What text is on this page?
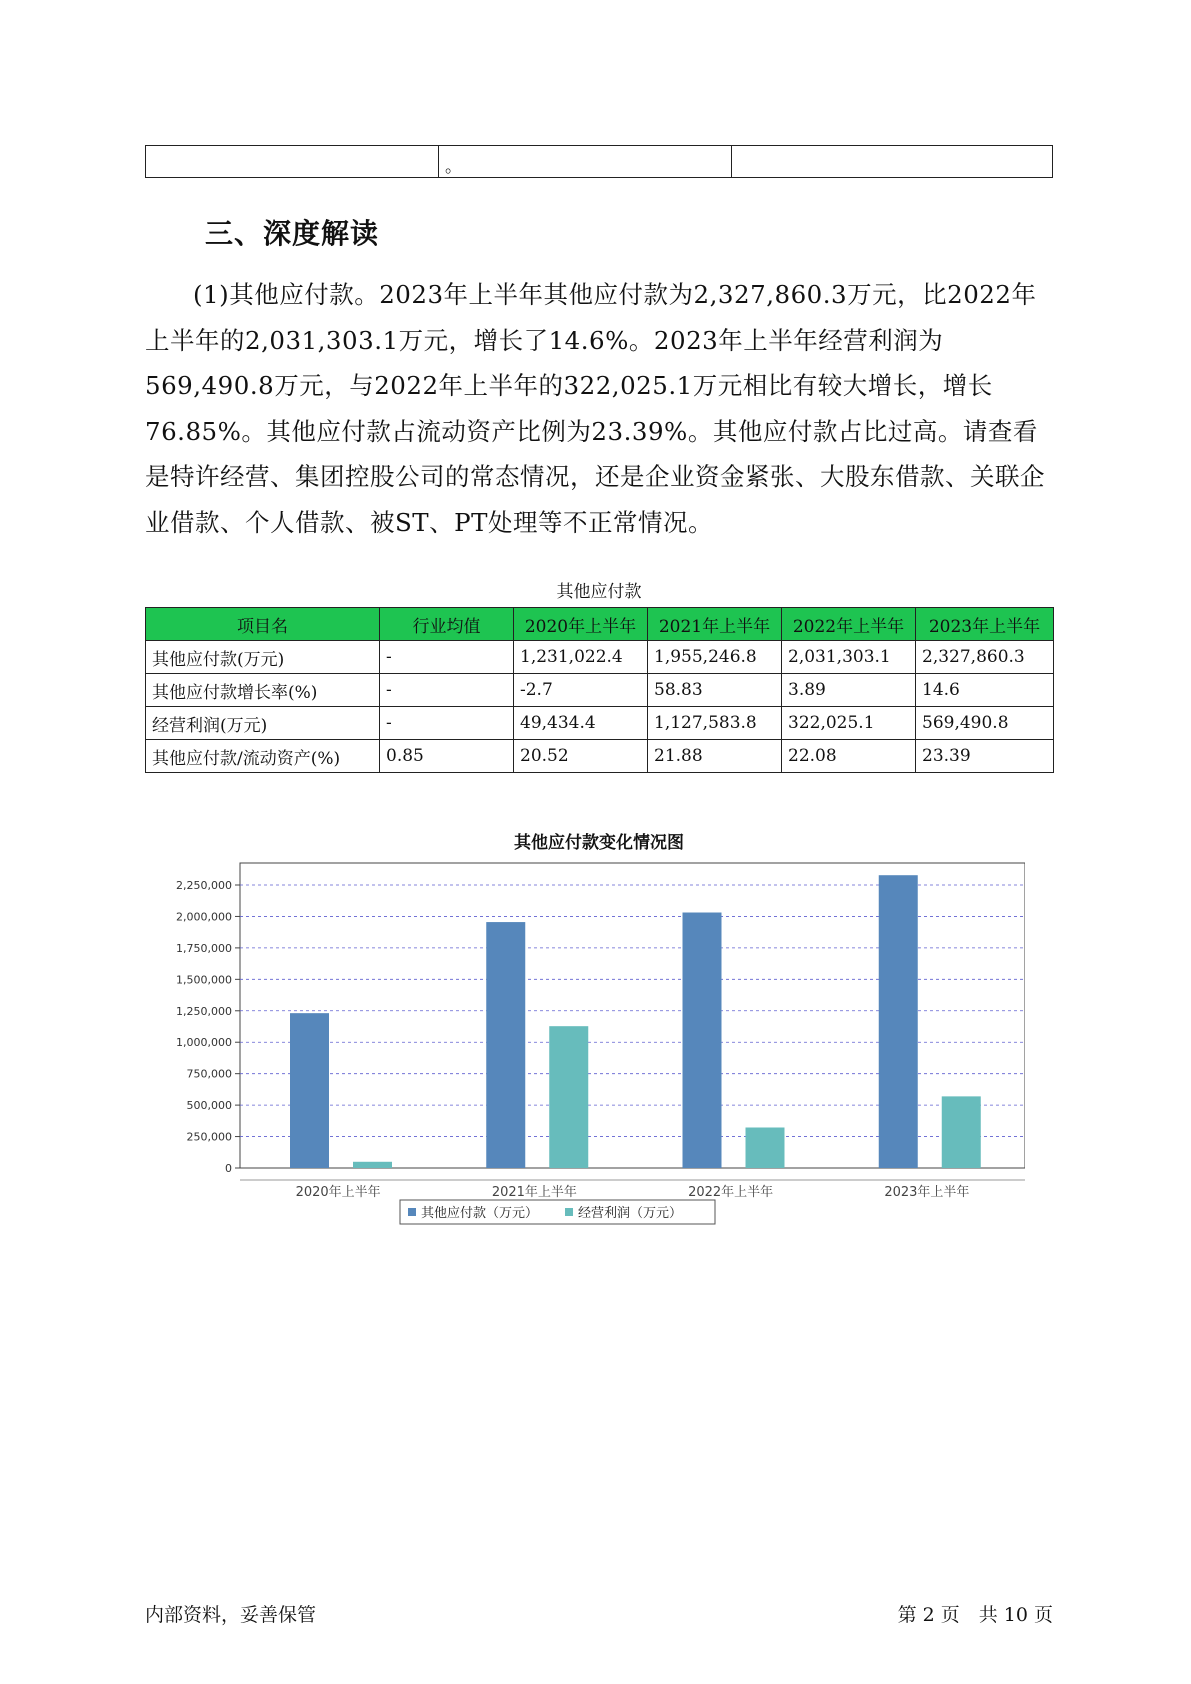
	。	
三、深度解读

(1)其他应付款。2023年上半年其他应付款为2,327,860.3万元，比2022年上半年的2,031,303.1万元，增长了14.6%。2023年上半年经营利润为569,490.8万元，与2022年上半年的322,025.1万元相比有较大增长，增长76.85%。其他应付款占流动资产比例为23.39%。其他应付款占比过高。请查看是特许经营、集团控股公司的常态情况，还是企业资金紧张、大股东借款、关联企业借款、个人借款、被ST、PT处理等不正常情况。

其他应付款
项目名	行业均值	2020年上半年	2021年上半年	2022年上半年	2023年上半年
其他应付款(万元)	-	1,231,022.4	1,955,246.8	2,031,303.1	2,327,860.3
其他应付款增长率(%)	-	-2.7	58.83	3.89	14.6
经营利润(万元)	-	49,434.4	1,127,583.8	322,025.1	569,490.8
其他应付款/流动资产(%)	0.85	20.52	21.88	22.08	23.39
其他应付款变化情况图
0
250,000
500,000
750,000
1,000,000
1,250,000
1,500,000
1,750,000
2,000,000
2,250,000
2020年上半年	2021年上半年	2022年上半年	2023年上半年
其他应付款（万元）	经营利润（万元）
内部资料，妥善保管	第 2 页　共 10 页
